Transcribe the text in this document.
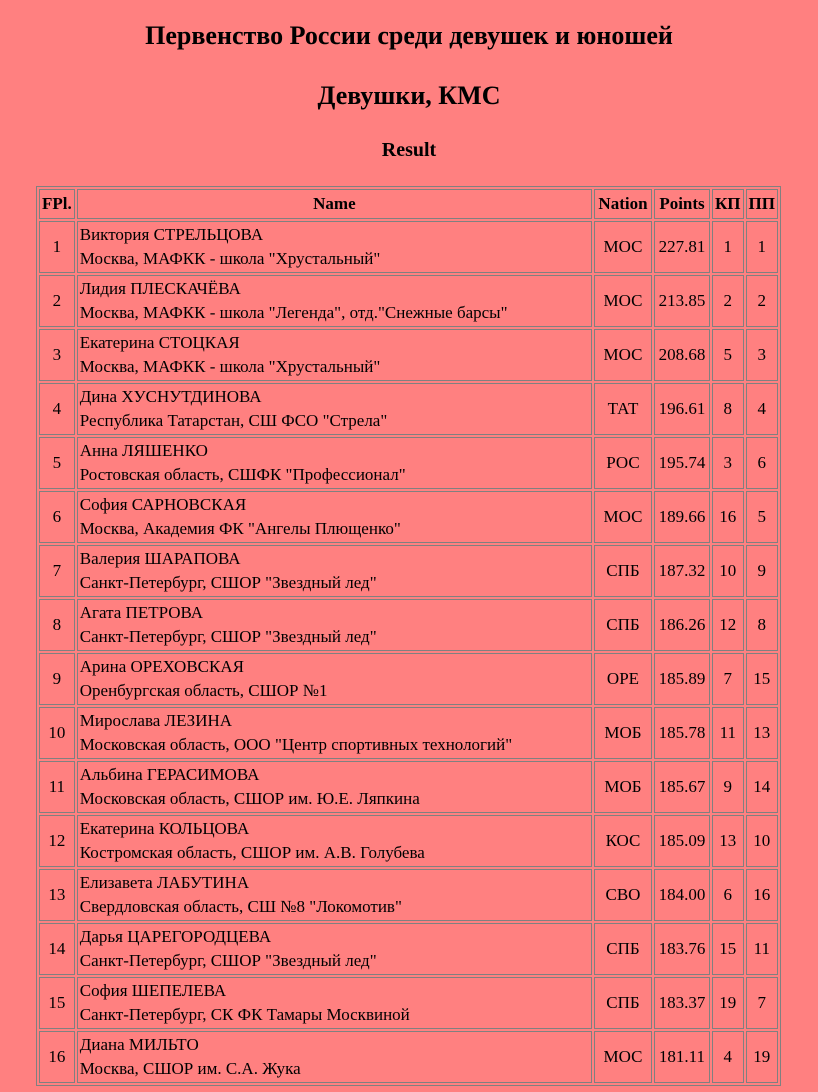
Первенство России среди девушек и юношей
Девушки, КМС
Result
FPl.	Name	Nation	Points	КП	ПП
1	Виктория СТРЕЛЬЦОВА
Москва, МАФКК - школа "Хрустальный"	МОС	227.81	1	1
2	Лидия ПЛЕСКАЧЁВА
Москва, МАФКК - школа "Легенда", отд."Снежные барсы"	МОС	213.85	2	2
3	Екатерина СТОЦКАЯ
Москва, МАФКК - школа "Хрустальный"	МОС	208.68	5	3
4	Дина ХУСНУТДИНОВА
Республика Татарстан, СШ ФСО "Стрела"	ТАТ	196.61	8	4
5	Анна ЛЯШЕНКО
Ростовская область, СШФК "Профессионал"	РОС	195.74	3	6
6	София САРНОВСКАЯ
Москва, Академия ФК "Ангелы Плющенко"	МОС	189.66	16	5
7	Валерия ШАРАПОВА
Санкт-Петербург, СШОР "Звездный лед"	СПБ	187.32	10	9
8	Агата ПЕТРОВА
Санкт-Петербург, СШОР "Звездный лед"	СПБ	186.26	12	8
9	Арина ОРЕХОВСКАЯ
Оренбургская область, СШОР №1	ОРЕ	185.89	7	15
10	Мирослава ЛЕЗИНА
Московская область, ООО "Центр спортивных технологий"	МОБ	185.78	11	13
11	Альбина ГЕРАСИМОВА
Московская область, СШОР им. Ю.Е. Ляпкина	МОБ	185.67	9	14
12	Екатерина КОЛЬЦОВА
Костромская область, СШОР им. А.В. Голубева	КОС	185.09	13	10
13	Елизавета ЛАБУТИНА
Свердловская область, СШ №8 "Локомотив"	СВО	184.00	6	16
14	Дарья ЦАРЕГОРОДЦЕВА
Санкт-Петербург, СШОР "Звездный лед"	СПБ	183.76	15	11
15	София ШЕПЕЛЕВА
Санкт-Петербург, СК ФК Тамары Москвиной	СПБ	183.37	19	7
16	Диана МИЛЬТО
Москва, СШОР им. С.А. Жука	МОС	181.11	4	19
